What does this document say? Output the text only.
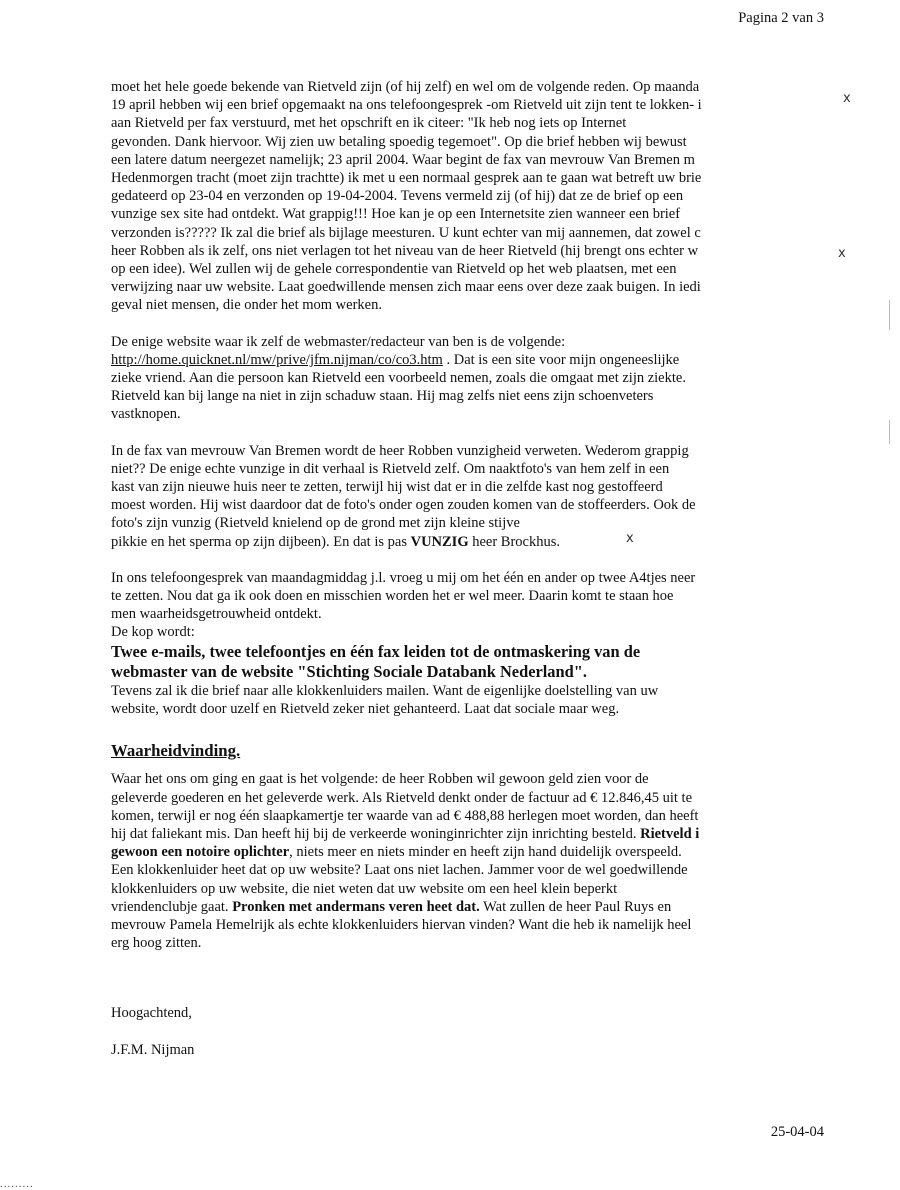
Pagina 2 van 3
moet het hele goede bekende van Rietveld zijn (of hij zelf) en wel om de volgende reden. Op maanda
19 april hebben wij een brief opgemaakt na ons telefoongesprek -om Rietveld uit zijn tent te lokken- i
aan Rietveld per fax verstuurd, met het opschrift en ik citeer: "Ik heb nog iets op Internet
gevonden. Dank hiervoor. Wij zien uw betaling spoedig tegemoet". Op die brief hebben wij bewust
een latere datum neergezet namelijk; 23 april 2004. Waar begint de fax van mevrouw Van Bremen m
Hedenmorgen tracht (moet zijn trachtte) ik met u een normaal gesprek aan te gaan wat betreft uw brie
gedateerd op 23-04 en verzonden op 19-04-2004. Tevens vermeld zij (of hij) dat ze de brief op een
vunzige sex site had ontdekt. Wat grappig!!! Hoe kan je op een Internetsite zien wanneer een brief
verzonden is????? Ik zal die brief als bijlage meesturen. U kunt echter van mij aannemen, dat zowel c
heer Robben als ik zelf, ons niet verlagen tot het niveau van de heer Rietveld (hij brengt ons echter w
op een idee). Wel zullen wij de gehele correspondentie van Rietveld op het web plaatsen, met een
verwijzing naar uw website. Laat goedwillende mensen zich maar eens over deze zaak buigen. In iedi
geval niet mensen, die onder het mom werken.
De enige website waar ik zelf de webmaster/redacteur van ben is de volgende:
http://home.quicknet.nl/mw/prive/jfm.nijman/co/co3.htm . Dat is een site voor mijn ongeneeslijke
zieke vriend. Aan die persoon kan Rietveld een voorbeeld nemen, zoals die omgaat met zijn ziekte.
Rietveld kan bij lange na niet in zijn schaduw staan. Hij mag zelfs niet eens zijn schoenveters
vastknopen.
In de fax van mevrouw Van Bremen wordt de heer Robben vunzigheid verweten. Wederom grappig
niet?? De enige echte vunzige in dit verhaal is Rietveld zelf. Om naaktfoto's van hem zelf in een
kast van zijn nieuwe huis neer te zetten, terwijl hij wist dat er in die zelfde kast nog gestoffeerd
moest worden. Hij wist daardoor dat de foto's onder ogen zouden komen van de stoffeerders. Ook de
foto's zijn vunzig (Rietveld knielend op de grond met zijn kleine stijve
pikkie en het sperma op zijn dijbeen). En dat is pas VUNZIG heer Brockhus.
In ons telefoongesprek van maandagmiddag j.l. vroeg u mij om het één en ander op twee A4tjes neer
te zetten. Nou dat ga ik ook doen en misschien worden het er wel meer. Daarin komt te staan hoe
men waarheidsgetrouwheid ontdekt.
De kop wordt:
Twee e-mails, twee telefoontjes en één fax leiden tot de ontmaskering van de
webmaster van de website "Stichting Sociale Databank Nederland".
Tevens zal ik die brief naar alle klokkenluiders mailen. Want de eigenlijke doelstelling van uw
website, wordt door uzelf en Rietveld zeker niet gehanteerd. Laat dat sociale maar weg.
Waarheidvinding.
Waar het ons om ging en gaat is het volgende: de heer Robben wil gewoon geld zien voor de
geleverde goederen en het geleverde werk. Als Rietveld denkt onder de factuur ad € 12.846,45 uit te
komen, terwijl er nog één slaapkamertje ter waarde van ad € 488,88 herlegen moet worden, dan heeft
hij dat faliekant mis. Dan heeft hij bij de verkeerde woninginrichter zijn inrichting besteld. Rietveld i
gewoon een notoire oplichter, niets meer en niets minder en heeft zijn hand duidelijk overspeeld.
Een klokkenluider heet dat op uw website? Laat ons niet lachen. Jammer voor de wel goedwillende
klokkenluiders op uw website, die niet weten dat uw website om een heel klein beperkt
vriendenclubje gaat. Pronken met andermans veren heet dat. Wat zullen de heer Paul Ruys en
mevrouw Pamela Hemelrijk als echte klokkenluiders hiervan vinden? Want die heb ik namelijk heel
erg hoog zitten.
Hoogachtend,
J.F.M. Nijman
25-04-04
x
x
x
.........
